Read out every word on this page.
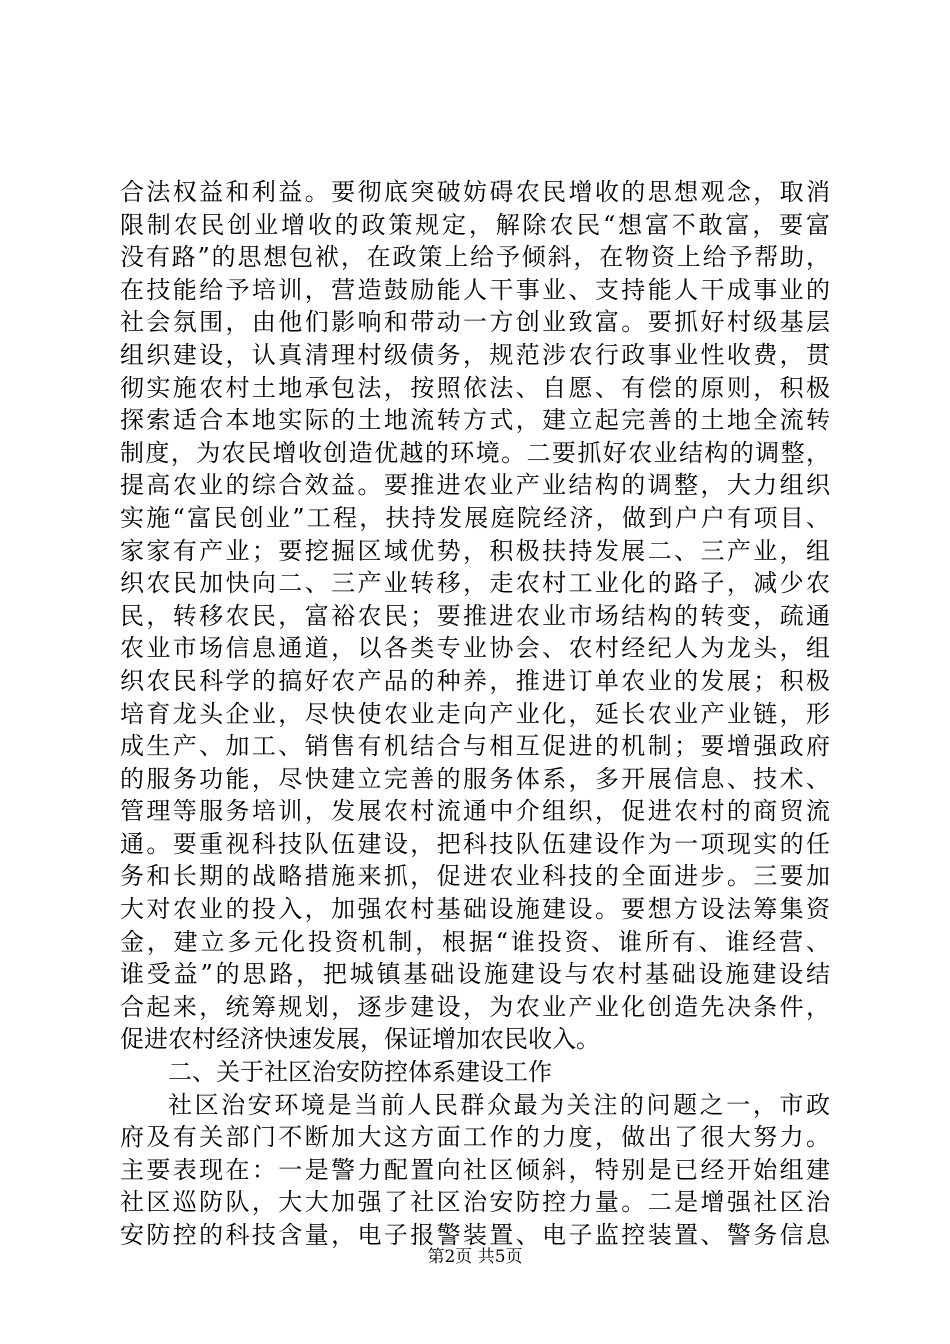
合法权益和利益。要彻底突破妨碍农民增收的思想观念，取消
限制农民创业增收的政策规定，解除农民“想富不敢富，要富
没有路”的思想包袱，在政策上给予倾斜，在物资上给予帮助，
在技能给予培训，营造鼓励能人干事业、支持能人干成事业的
社会氛围，由他们影响和带动一方创业致富。要抓好村级基层
组织建设，认真清理村级债务，规范涉农行政事业性收费，贯
彻实施农村土地承包法，按照依法、自愿、有偿的原则，积极
探索适合本地实际的土地流转方式，建立起完善的土地全流转
制度，为农民增收创造优越的环境。二要抓好农业结构的调整，
提高农业的综合效益。要推进农业产业结构的调整，大力组织
实施“富民创业”工程，扶持发展庭院经济，做到户户有项目、
家家有产业；要挖掘区域优势，积极扶持发展二、三产业，组
织农民加快向二、三产业转移，走农村工业化的路子，减少农
民，转移农民，富裕农民；要推进农业市场结构的转变，疏通
农业市场信息通道，以各类专业协会、农村经纪人为龙头，组
织农民科学的搞好农产品的种养，推进订单农业的发展；积极
培育龙头企业，尽快使农业走向产业化，延长农业产业链，形
成生产、加工、销售有机结合与相互促进的机制；要增强政府
的服务功能，尽快建立完善的服务体系，多开展信息、技术、
管理等服务培训，发展农村流通中介组织，促进农村的商贸流
通。要重视科技队伍建设，把科技队伍建设作为一项现实的任
务和长期的战略措施来抓，促进农业科技的全面进步。三要加
大对农业的投入，加强农村基础设施建设。要想方设法筹集资
金，建立多元化投资机制，根据“谁投资、谁所有、谁经营、
谁受益”的思路，把城镇基础设施建设与农村基础设施建设结
合起来，统筹规划，逐步建设，为农业产业化创造先决条件，
促进农村经济快速发展，保证增加农民收入。
二、关于社区治安防控体系建设工作
社区治安环境是当前人民群众最为关注的问题之一，市政
府及有关部门不断加大这方面工作的力度，做出了很大努力。
主要表现在：一是警力配置向社区倾斜，特别是已经开始组建
社区巡防队，大大加强了社区治安防控力量。二是增强社区治
安防控的科技含量，电子报警装置、电子监控装置、警务信息
第2页 共5页
